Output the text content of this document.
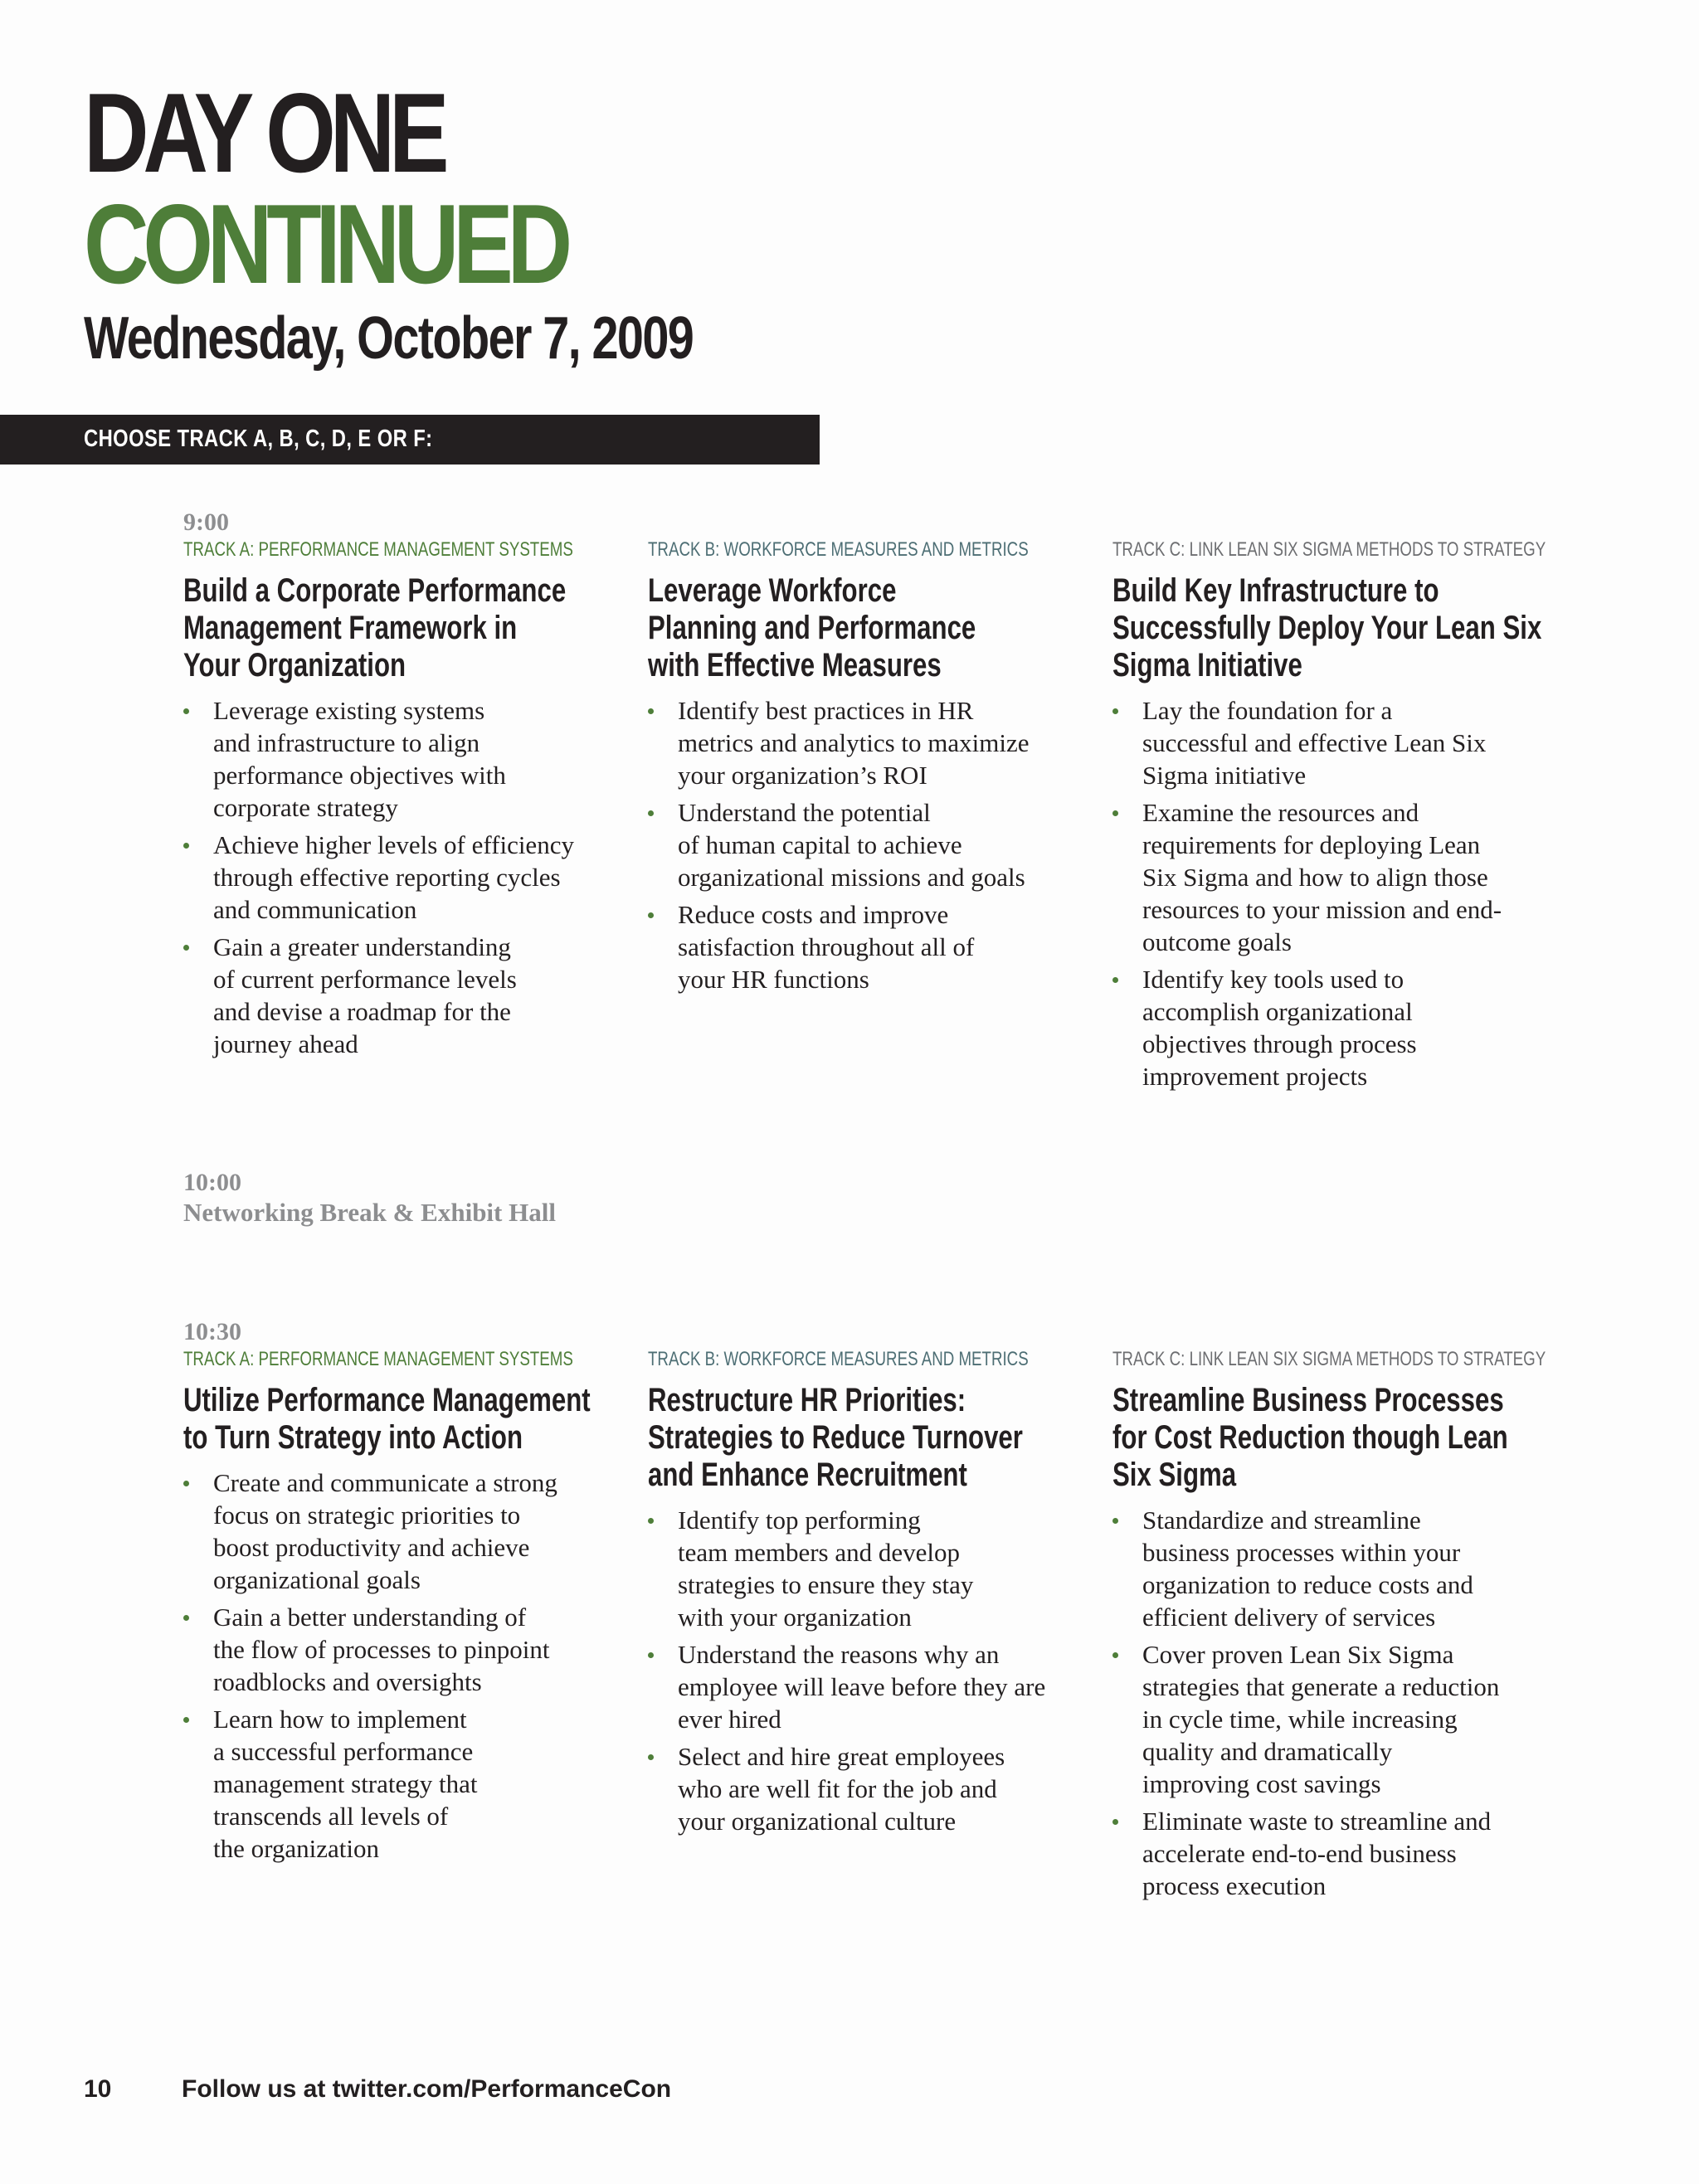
DAY ONE
CONTINUED
Wednesday, October 7, 2009
CHOOSE TRACK A, B, C, D, E OR F:
9:00
TRACK A: PERFORMANCE MANAGEMENT SYSTEMS
Build a Corporate Performance
Management Framework in
Your Organization
Leverage existing systems
and infrastructure to align
performance objectives with
corporate strategy
Achieve higher levels of efficiency
through effective reporting cycles
and communication
Gain a greater understanding
of current performance levels
and devise a roadmap for the
journey ahead
TRACK B: WORKFORCE MEASURES AND METRICS
Leverage Workforce
Planning and Performance
with Effective Measures
Identify best practices in HR
metrics and analytics to maximize
your organization’s ROI
Understand the potential
of human capital to achieve
organizational missions and goals
Reduce costs and improve
satisfaction throughout all of
your HR functions
TRACK C: LINK LEAN SIX SIGMA METHODS TO STRATEGY
Build Key Infrastructure to
Successfully Deploy Your Lean Six
Sigma Initiative
Lay the foundation for a
successful and effective Lean Six
Sigma initiative
Examine the resources and
requirements for deploying Lean
Six Sigma and how to align those
resources to your mission and end-
outcome goals
Identify key tools used to
accomplish organizational
objectives through process
improvement projects
10:00
Networking Break & Exhibit Hall
10:30
TRACK A: PERFORMANCE MANAGEMENT SYSTEMS
Utilize Performance Management
to Turn Strategy into Action
Create and communicate a strong
focus on strategic priorities to
boost productivity and achieve
organizational goals
Gain a better understanding of
the flow of processes to pinpoint
roadblocks and oversights
Learn how to implement
a successful performance
management strategy that
transcends all levels of
the organization
TRACK B: WORKFORCE MEASURES AND METRICS
Restructure HR Priorities:
Strategies to Reduce Turnover
and Enhance Recruitment
Identify top performing
team members and develop
strategies to ensure they stay
with your organization
Understand the reasons why an
employee will leave before they are
ever hired
Select and hire great employees
who are well fit for the job and
your organizational culture
TRACK C: LINK LEAN SIX SIGMA METHODS TO STRATEGY
Streamline Business Processes
for Cost Reduction though Lean
Six Sigma
Standardize and streamline
business processes within your
organization to reduce costs and
efficient delivery of services
Cover proven Lean Six Sigma
strategies that generate a reduction
in cycle time, while increasing
quality and dramatically
improving cost savings
Eliminate waste to streamline and
accelerate end-to-end business
process execution
10	Follow us at twitter.com/PerformanceCon
